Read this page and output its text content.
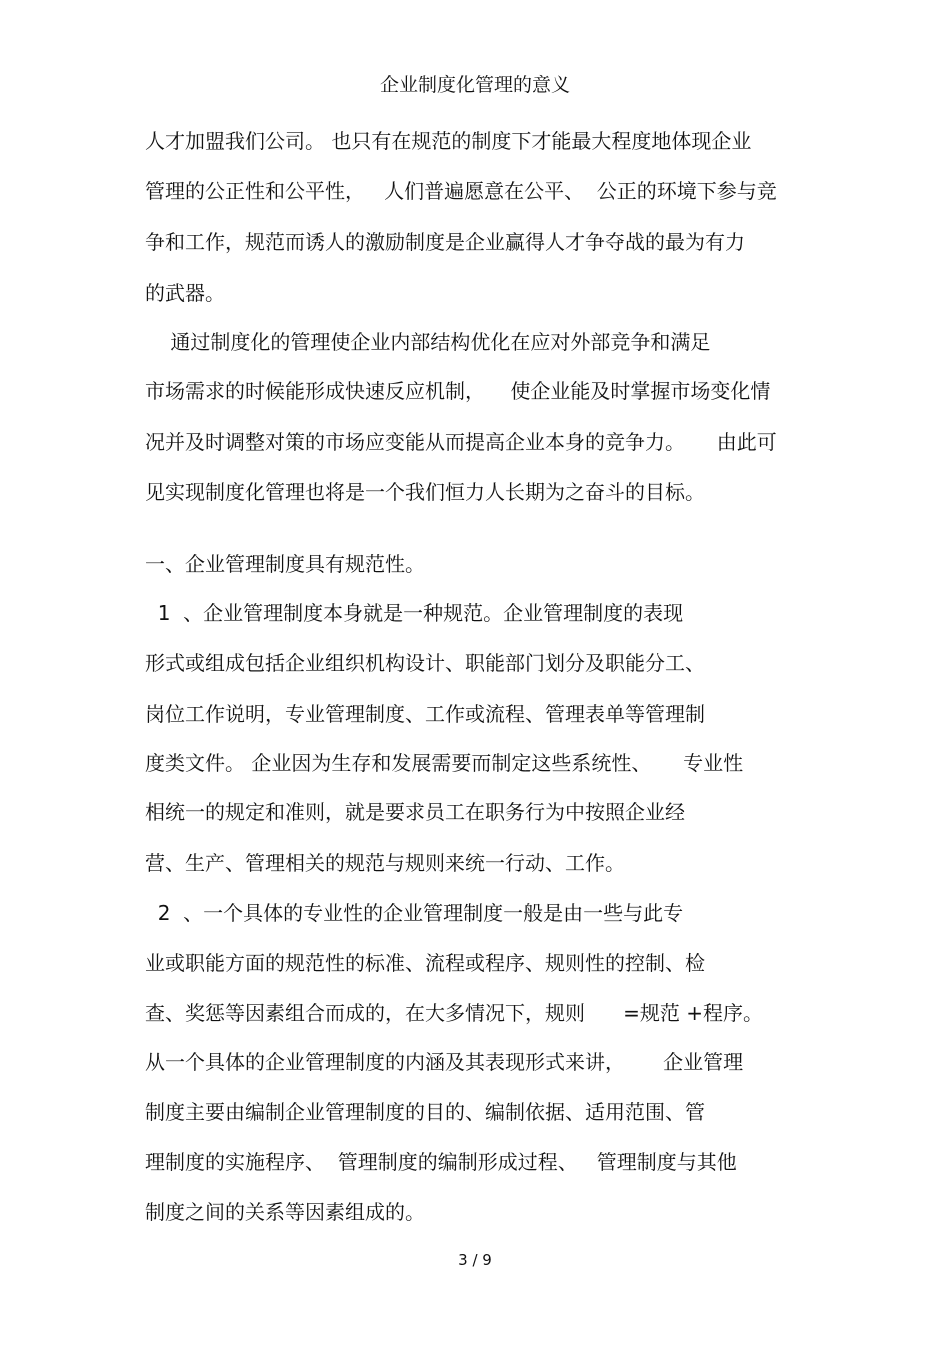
企业制度化管理的意义
人才加盟我们公司。 也只有在规范的制度下才能最大程度地体现企业
管理的公正性和公平性，   人们普遍愿意在公平、  公正的环境下参与竞
争和工作，规范而诱人的激励制度是企业赢得人才争夺战的最为有力
的武器。
通过制度化的管理使企业内部结构优化在应对外部竞争和满足
市场需求的时候能形成快速反应机制，    使企业能及时掌握市场变化情
况并及时调整对策的市场应变能从而提高企业本身的竞争力。     由此可
见实现制度化管理也将是一个我们恒力人长期为之奋斗的目标。
一、企业管理制度具有规范性。
1  、企业管理制度本身就是一种规范。企业管理制度的表现
形式或组成包括企业组织机构设计、职能部门划分及职能分工、
岗位工作说明，专业管理制度、工作或流程、管理表单等管理制
度类文件。 企业因为生存和发展需要而制定这些系统性、     专业性
相统一的规定和准则，就是要求员工在职务行为中按照企业经
营、生产、管理相关的规范与规则来统一行动、工作。
2  、一个具体的专业性的企业管理制度一般是由一些与此专
业或职能方面的规范性的标准、流程或程序、规则性的控制、检
查、奖惩等因素组合而成的，在大多情况下，规则      =规范 +程序。
从一个具体的企业管理制度的内涵及其表现形式来讲，      企业管理
制度主要由编制企业管理制度的目的、编制依据、适用范围、管
理制度的实施程序、  管理制度的编制形成过程、   管理制度与其他
制度之间的关系等因素组成的。
3 / 9
